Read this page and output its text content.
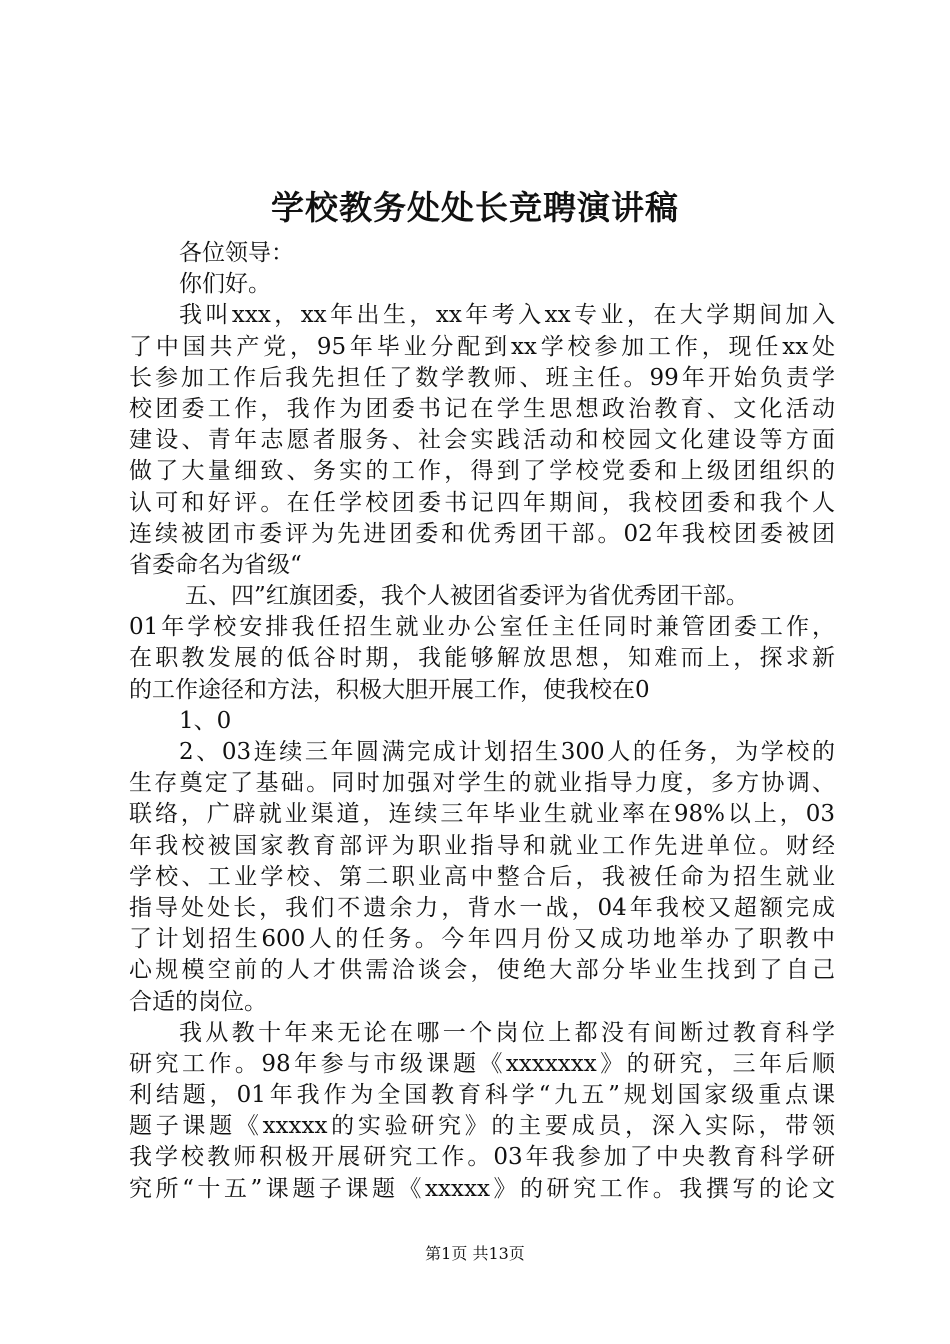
学校教务处处长竞聘演讲稿
各位领导：
你们好。
我叫xxx，xx年出生，xx年考入xx专业，在大学期间加入
了中国共产党，95年毕业分配到xx学校参加工作，现任xx处
长参加工作后我先担任了数学教师、班主任。99年开始负责学
校团委工作，我作为团委书记在学生思想政治教育、文化活动
建设、青年志愿者服务、社会实践活动和校园文化建设等方面
做了大量细致、务实的工作，得到了学校党委和上级团组织的
认可和好评。在任学校团委书记四年期间，我校团委和我个人
连续被团市委评为先进团委和优秀团干部。02年我校团委被团
省委命名为省级“
五、四”红旗团委，我个人被团省委评为省优秀团干部。
01年学校安排我任招生就业办公室任主任同时兼管团委工作，
在职教发展的低谷时期，我能够解放思想，知难而上，探求新
的工作途径和方法，积极大胆开展工作，使我校在0
1、0
2、03连续三年圆满完成计划招生300人的任务，为学校的
生存奠定了基础。同时加强对学生的就业指导力度，多方协调、
联络，广辟就业渠道，连续三年毕业生就业率在98%以上，03
年我校被国家教育部评为职业指导和就业工作先进单位。财经
学校、工业学校、第二职业高中整合后，我被任命为招生就业
指导处处长，我们不遗余力，背水一战，04年我校又超额完成
了计划招生600人的任务。今年四月份又成功地举办了职教中
心规模空前的人才供需洽谈会，使绝大部分毕业生找到了自己
合适的岗位。
我从教十年来无论在哪一个岗位上都没有间断过教育科学
研究工作。98年参与市级课题《xxxxxxx》的研究，三年后顺
利结题，01年我作为全国教育科学“九五”规划国家级重点课
题子课题《xxxxx的实验研究》的主要成员，深入实际，带领
我学校教师积极开展研究工作。03年我参加了中央教育科学研
究所“十五”课题子课题《xxxxx》的研究工作。我撰写的论文
第1页 共13页
